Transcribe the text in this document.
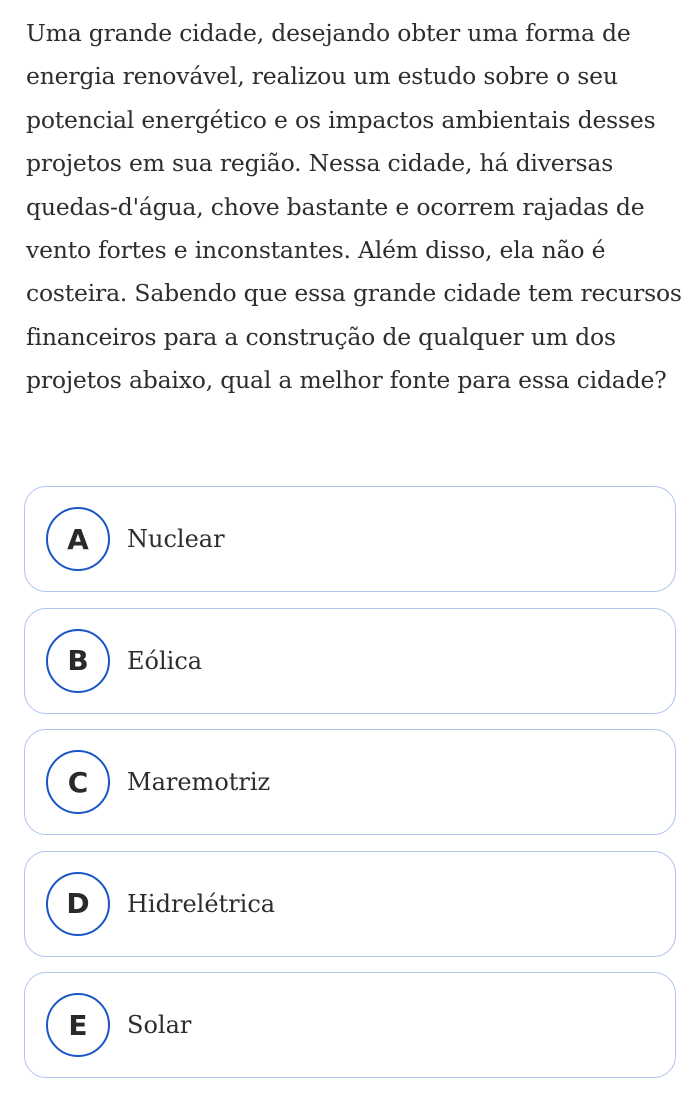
Uma grande cidade, desejando obter uma forma de energia renovável, realizou um estudo sobre o seu potencial energético e os impactos ambientais desses projetos em sua região. Nessa cidade, há diversas quedas-d'água, chove bastante e ocorrem rajadas de vento fortes e inconstantes. Além disso, ela não é costeira. Sabendo que essa grande cidade tem recursos financeiros para a construção de qualquer um dos projetos abaixo, qual a melhor fonte para essa cidade?
A	Nuclear
B	Eólica
C	Maremotriz
D	Hidrelétrica
E	Solar
